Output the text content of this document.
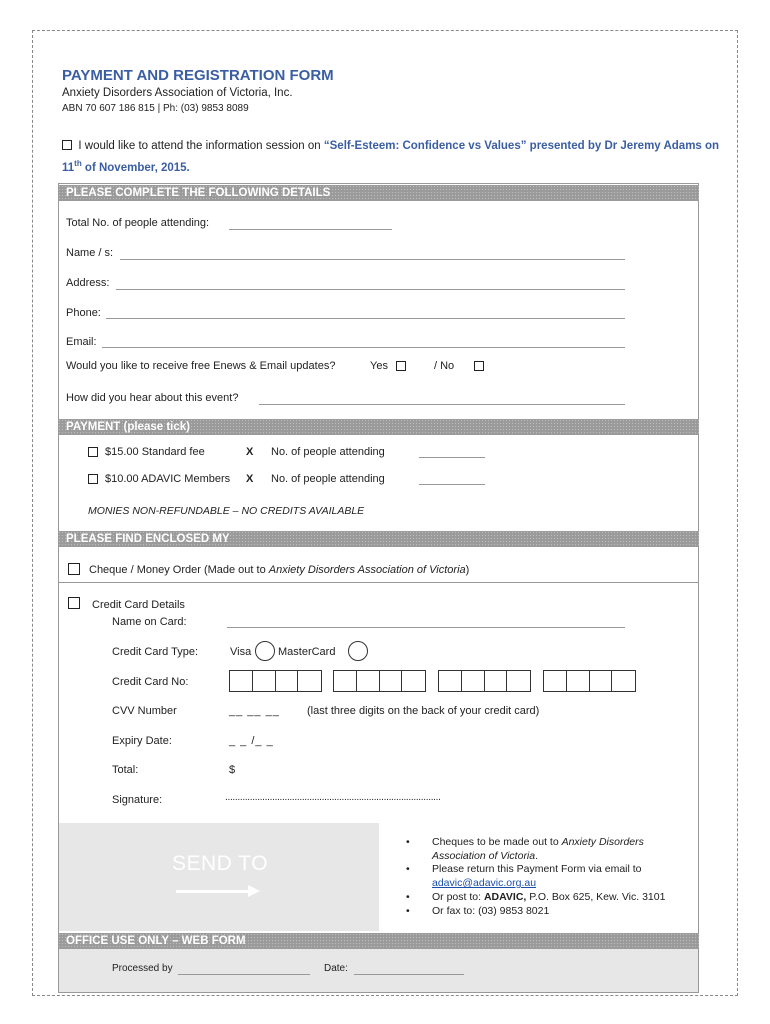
PAYMENT AND REGISTRATION FORM
Anxiety Disorders Association of Victoria, Inc.
ABN 70 607 186 815 | Ph: (03) 9853 8089
I would like to attend the information session on “Self-Esteem: Confidence vs Values” presented by Dr Jeremy Adams on 11th of November, 2015.
PLEASE COMPLETE THE FOLLOWING DETAILS
Total No. of people attending:
Name / s:
Address:
Phone:
Email:
Would you like to receive free Enews & Email updates?	Yes	/ No
How did you hear about this event?
PAYMENT (please tick)
$15.00 Standard fee	X No. of people attending
$10.00 ADAVIC Members X No. of people attending
MONIES NON-REFUNDABLE – NO CREDITS AVAILABLE
PLEASE FIND ENCLOSED MY
Cheque / Money Order (Made out to Anxiety Disorders Association of Victoria)
Credit Card Details
Name on Card:
Credit Card Type:	Visa MasterCard
Credit Card No:
CVV Number	__ __ __ (last three digits on the back of your credit card)
Expiry Date:	_ _ /_ _
Total:	$
Signature:	.......................................................................................
SEND TO
• Cheques to be made out to Anxiety Disorders Association of Victoria.
• Please return this Payment Form via email to
adavic@adavic.org.au
• Or post to: ADAVIC, P.O. Box 625, Kew. Vic. 3101
• Or fax to: (03) 9853 8021
OFFICE USE ONLY – WEB FORM
Processed by	Date:
